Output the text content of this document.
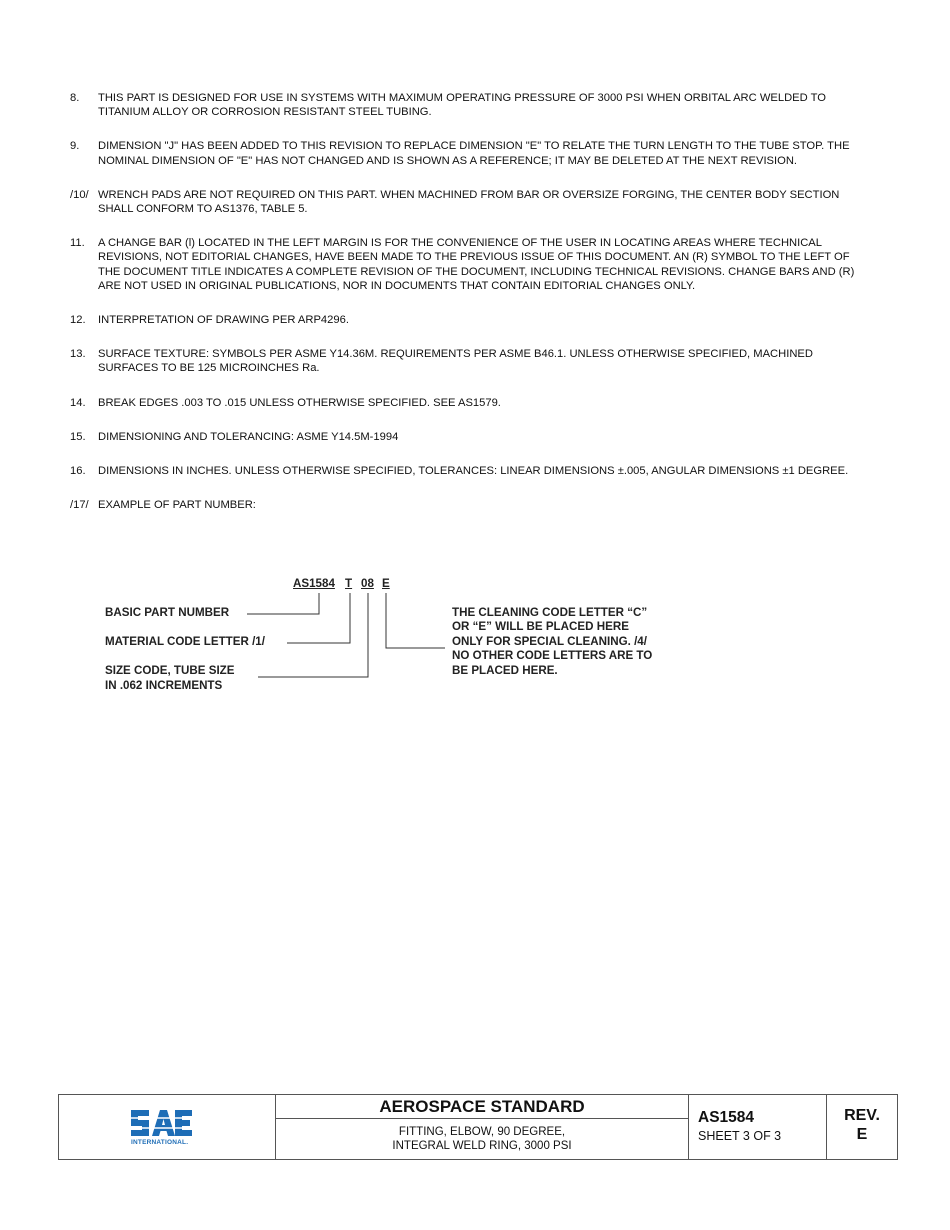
8.	THIS PART IS DESIGNED FOR USE IN SYSTEMS WITH MAXIMUM OPERATING PRESSURE OF 3000 PSI WHEN ORBITAL ARC WELDED TO TITANIUM ALLOY OR CORROSION RESISTANT STEEL TUBING.
9.	DIMENSION "J" HAS BEEN ADDED TO THIS REVISION TO REPLACE DIMENSION "E" TO RELATE THE TURN LENGTH TO THE TUBE STOP. THE NOMINAL DIMENSION OF "E" HAS NOT CHANGED AND IS SHOWN AS A REFERENCE; IT MAY BE DELETED AT THE NEXT REVISION.
/10/ WRENCH PADS ARE NOT REQUIRED ON THIS PART. WHEN MACHINED FROM BAR OR OVERSIZE FORGING, THE CENTER BODY SECTION SHALL CONFORM TO AS1376, TABLE 5.
11.	A CHANGE BAR (l) LOCATED IN THE LEFT MARGIN IS FOR THE CONVENIENCE OF THE USER IN LOCATING AREAS WHERE TECHNICAL REVISIONS, NOT EDITORIAL CHANGES, HAVE BEEN MADE TO THE PREVIOUS ISSUE OF THIS DOCUMENT. AN (R) SYMBOL TO THE LEFT OF THE DOCUMENT TITLE INDICATES A COMPLETE REVISION OF THE DOCUMENT, INCLUDING TECHNICAL REVISIONS. CHANGE BARS AND (R) ARE NOT USED IN ORIGINAL PUBLICATIONS, NOR IN DOCUMENTS THAT CONTAIN EDITORIAL CHANGES ONLY.
12.	INTERPRETATION OF DRAWING PER ARP4296.
13.	SURFACE TEXTURE: SYMBOLS PER ASME Y14.36M. REQUIREMENTS PER ASME B46.1. UNLESS OTHERWISE SPECIFIED, MACHINED SURFACES TO BE 125 MICROINCHES Ra.
14.	BREAK EDGES .003 TO .015 UNLESS OTHERWISE SPECIFIED. SEE AS1579.
15.	DIMENSIONING AND TOLERANCING: ASME Y14.5M-1994
16.	DIMENSIONS IN INCHES. UNLESS OTHERWISE SPECIFIED, TOLERANCES: LINEAR DIMENSIONS ±.005, ANGULAR DIMENSIONS ±1 DEGREE.
/17/ EXAMPLE OF PART NUMBER:
AS1584 T 08 E
BASIC PART NUMBER
MATERIAL CODE LETTER /1/
SIZE CODE, TUBE SIZE
IN .062 INCREMENTS
THE CLEANING CODE LETTER “C”
OR “E” WILL BE PLACED HERE
ONLY FOR SPECIAL CLEANING. /4/
NO OTHER CODE LETTERS ARE TO
BE PLACED HERE.
INTERNATIONAL.
AEROSPACE STANDARD
FITTING, ELBOW, 90 DEGREE,
INTEGRAL WELD RING, 3000 PSI
AS1584
SHEET 3 OF 3
REV.
E
